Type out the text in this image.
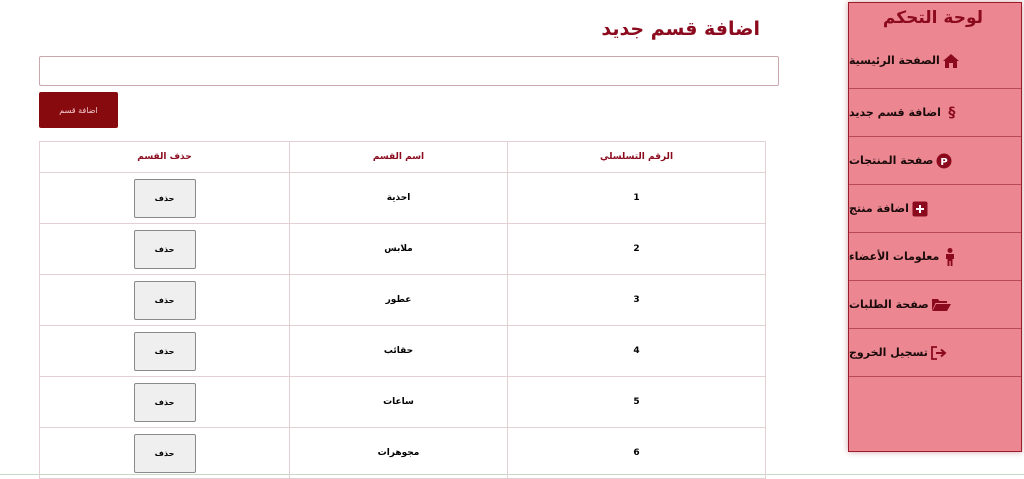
لوحة التحكم
الصفحة الرئيسية
§
اضافة قسم جديد
P
صفحة المنتجات
اضافة منتج
معلومات الأعضاء
صفحة الطلبات
تسجيل الخروج
اضافة قسم جديد
اضافة قسم
حذف القسم	اسم القسم	الرقم التسلسلي
حذف	احذية	1
حذف	ملابس	2
حذف	عطور	3
حذف	حقائب	4
حذف	ساعات	5
حذف	مجوهرات	6
